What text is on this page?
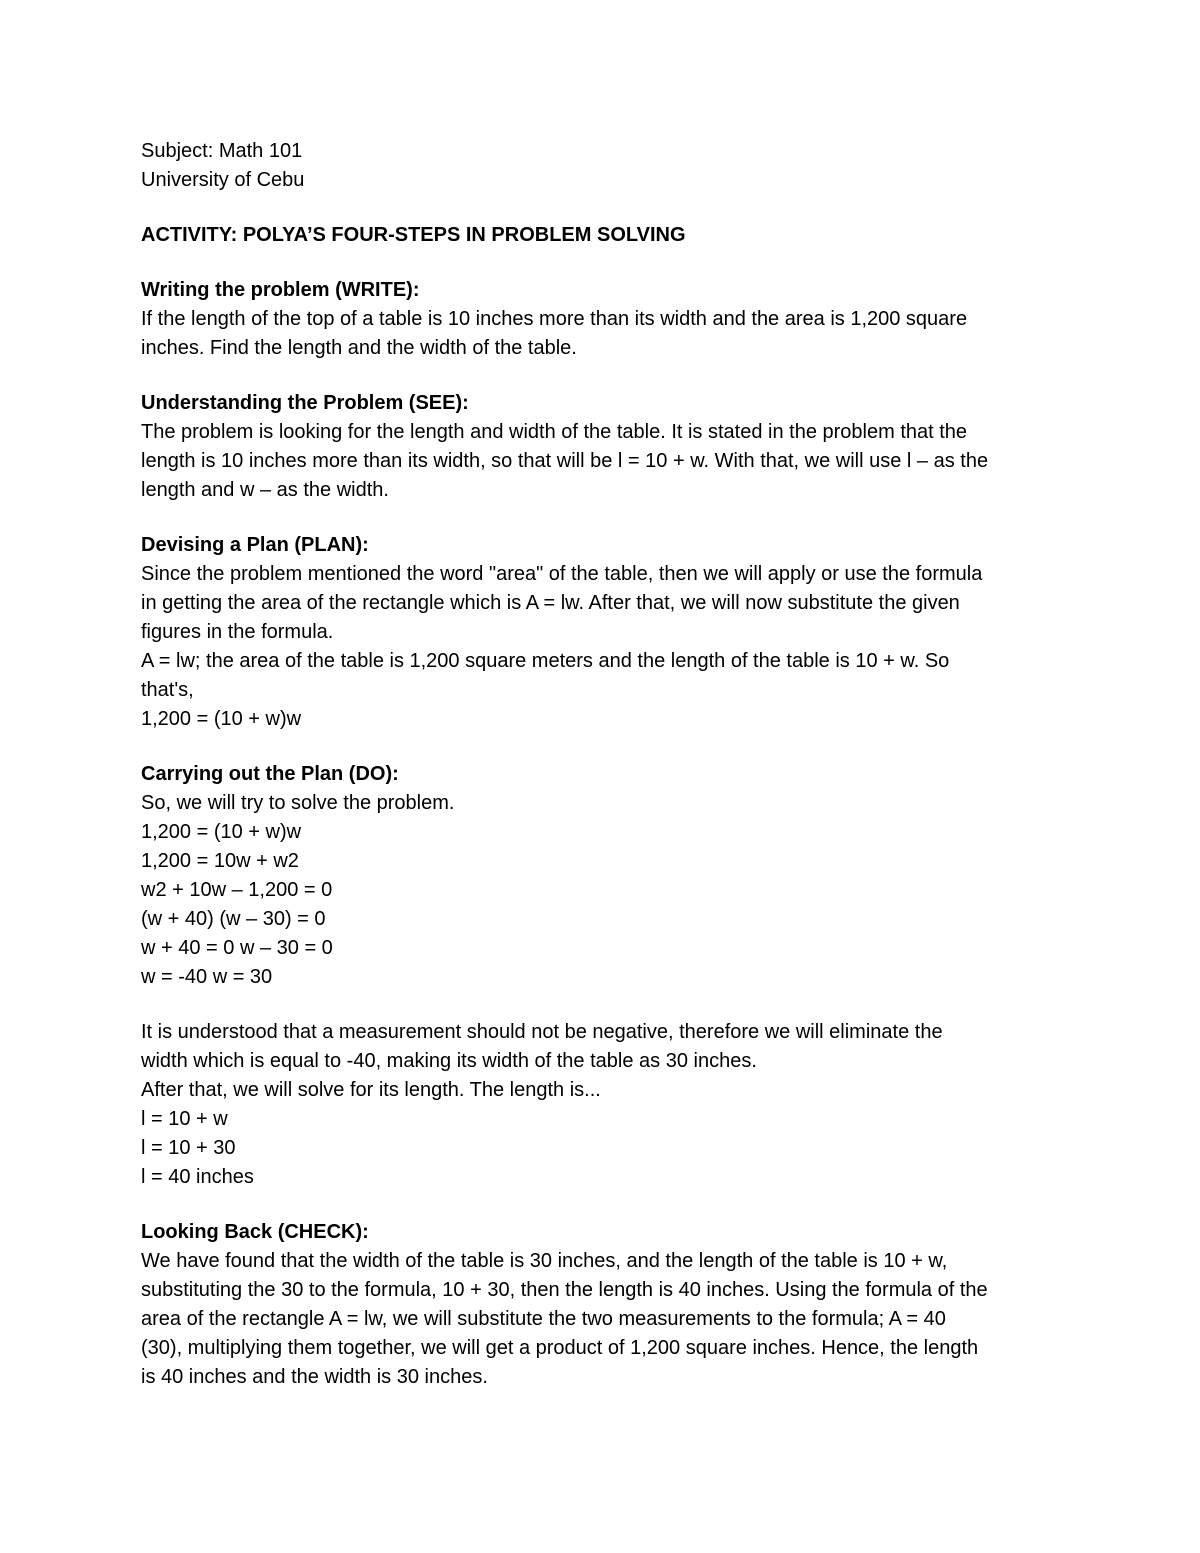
Subject: Math 101
University of Cebu
ACTIVITY: POLYA’S FOUR-STEPS IN PROBLEM SOLVING
Writing the problem (WRITE):
If the length of the top of a table is 10 inches more than its width and the area is 1,200 square
inches. Find the length and the width of the table.
Understanding the Problem (SEE):
The problem is looking for the length and width of the table. It is stated in the problem that the
length is 10 inches more than its width, so that will be l = 10 + w. With that, we will use l – as the
length and w – as the width.
Devising a Plan (PLAN):
Since the problem mentioned the word "area" of the table, then we will apply or use the formula
in getting the area of the rectangle which is A = lw. After that, we will now substitute the given
figures in the formula.
A = lw; the area of the table is 1,200 square meters and the length of the table is 10 + w. So
that's,
1,200 = (10 + w)w
Carrying out the Plan (DO):
So, we will try to solve the problem.
1,200 = (10 + w)w
1,200 = 10w + w2
w2 + 10w – 1,200 = 0
(w + 40) (w – 30) = 0
w + 40 = 0 w – 30 = 0
w = -40 w = 30
It is understood that a measurement should not be negative, therefore we will eliminate the
width which is equal to -40, making its width of the table as 30 inches.
After that, we will solve for its length. The length is...
l = 10 + w
l = 10 + 30
l = 40 inches
Looking Back (CHECK):
We have found that the width of the table is 30 inches, and the length of the table is 10 + w,
substituting the 30 to the formula, 10 + 30, then the length is 40 inches. Using the formula of the
area of the rectangle A = lw, we will substitute the two measurements to the formula; A = 40
(30), multiplying them together, we will get a product of 1,200 square inches. Hence, the length
is 40 inches and the width is 30 inches.
